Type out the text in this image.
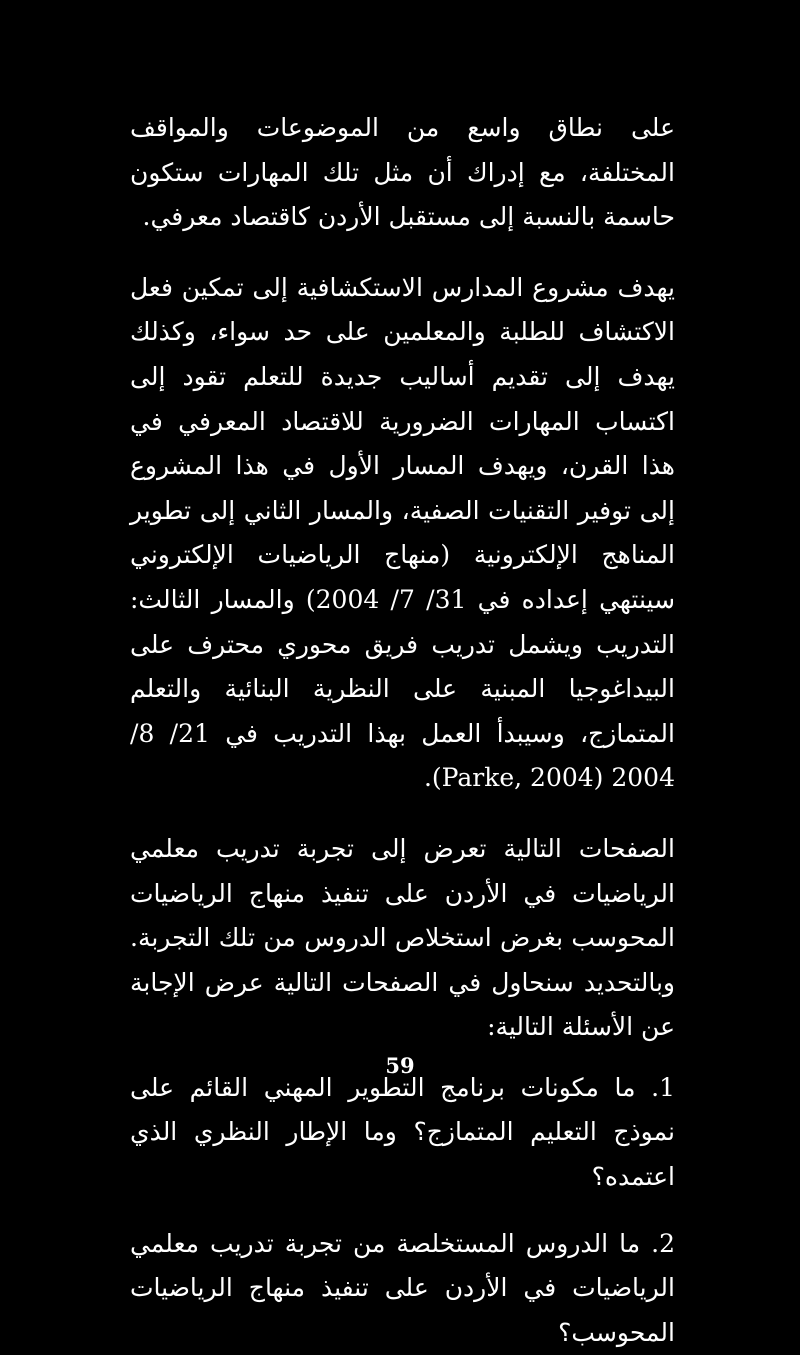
على نطاق واسع من الموضوعات والمواقف المختلفة، مع إدراك أن مثل تلك المهارات ستكون حاسمة بالنسبة إلى مستقبل الأردن كاقتصاد معرفي.

يهدف مشروع المدارس الاستكشافية إلى تمكين فعل الاكتشاف للطلبة والمعلمين على حد سواء، وكذلك يهدف إلى تقديم أساليب جديدة للتعلم تقود إلى اكتساب المهارات الضرورية للاقتصاد المعرفي في هذا القرن، ويهدف المسار الأول في هذا المشروع إلى توفير التقنيات الصفية، والمسار الثاني إلى تطوير المناهج الإلكترونية (منهاج الرياضيات الإلكتروني سينتهي إعداده في 31/ 7/ 2004) والمسار الثالث: التدريب ويشمل تدريب فريق محوري محترف على البيداغوجيا المبنية على النظرية البنائية والتعلم المتمازج، وسيبدأ العمل بهذا التدريب في 21/ 8/ 2004 (Parke, 2004).

الصفحات التالية تعرض إلى تجربة تدريب معلمي الرياضيات في الأردن على تنفيذ منهاج الرياضيات المحوسب بغرض استخلاص الدروس من تلك التجربة. وبالتحديد سنحاول في الصفحات التالية عرض الإجابة عن الأسئلة التالية:

1. ما مكونات برنامج التطوير المهني القائم على نموذج التعليم المتمازج؟ وما الإطار النظري الذي اعتمده؟

2. ما الدروس المستخلصة من تجربة تدريب معلمي الرياضيات في الأردن على تنفيذ منهاج الرياضيات المحوسب؟

59
